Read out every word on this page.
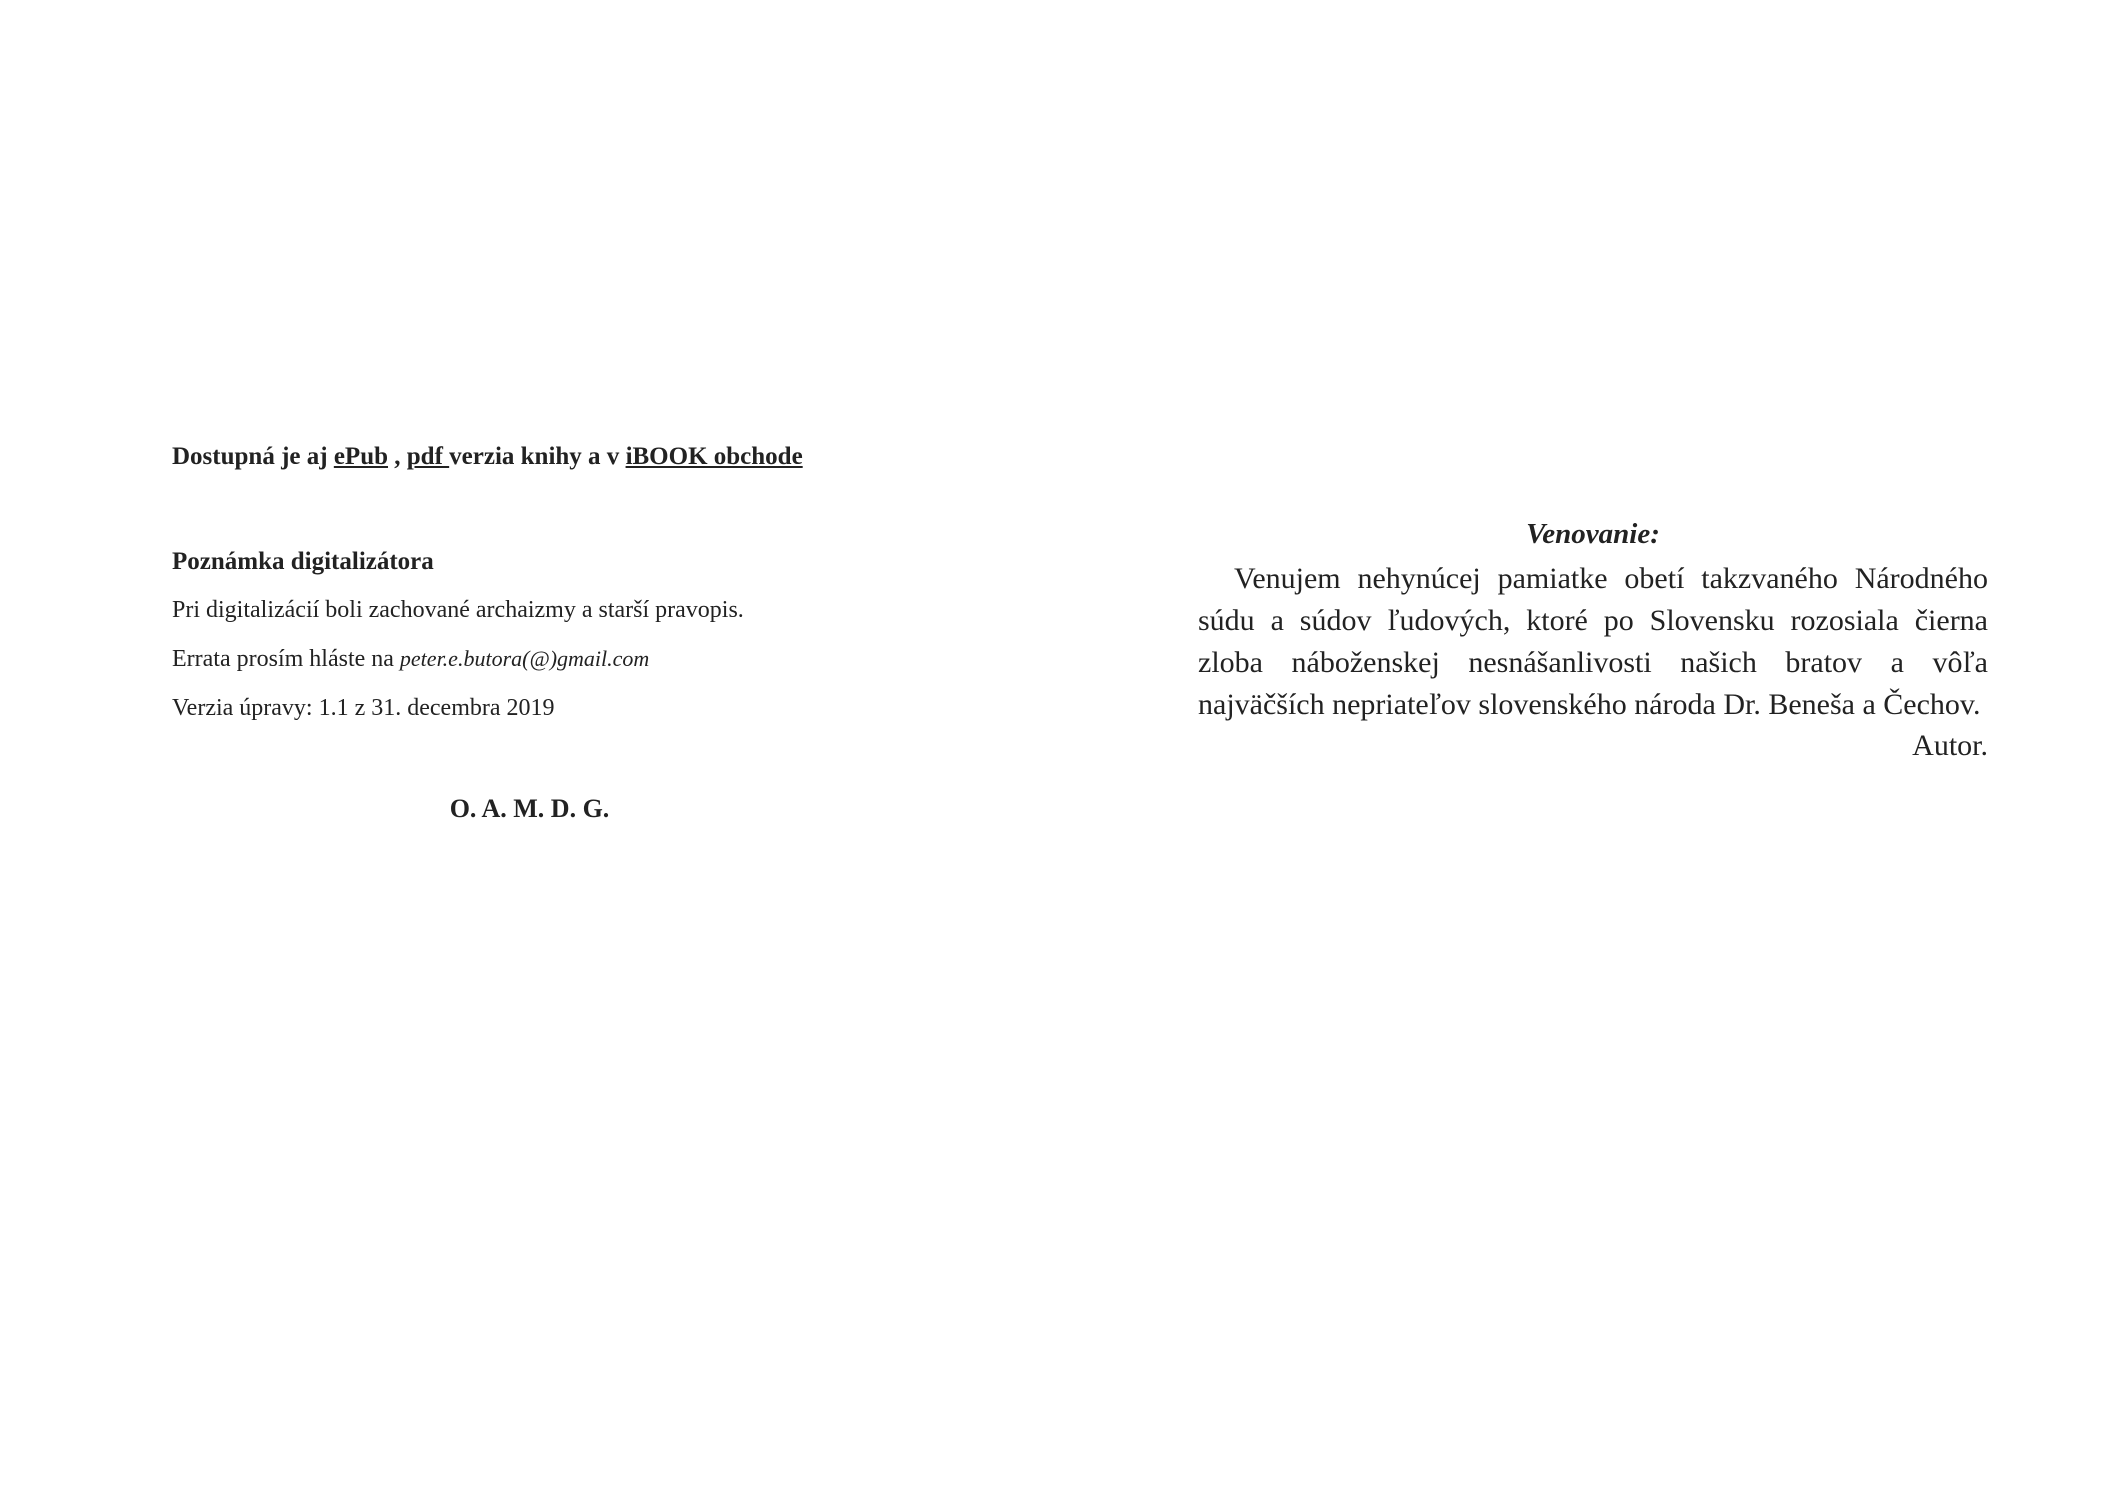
Dostupná je aj ePub , pdf verzia knihy a v iBOOK obchode
Poznámka digitalizátora
Pri digitalizácií boli zachované archaizmy a starší pravopis.
Errata prosím hláste na peter.e.butora(@)gmail.com
Verzia úpravy: 1.1 z 31. decembra 2019
O. A. M. D. G.
Venovanie:

Venujem nehynúcej pamiatke obetí takzvaného Národného súdu a súdov ľudových, ktoré po Slovensku rozosiala čierna zloba náboženskej nesnášanlivosti našich bratov a vôľa najväčších nepriateľov slovenského národa Dr. Beneša a Čechov.

Autor.
